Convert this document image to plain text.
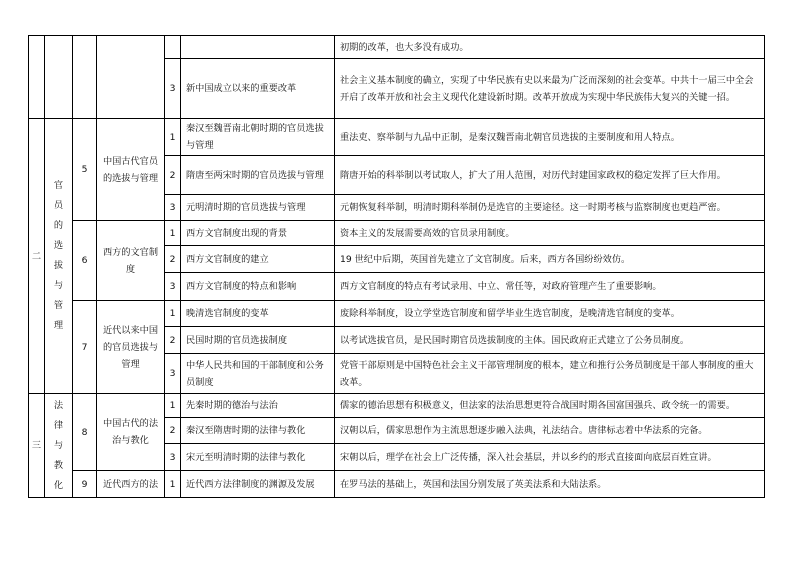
						初期的改革，也大多没有成功。
				3	新中国成立以来的重要改革	社会主义基本制度的确立，实现了中华民族有史以来最为广泛而深刻的社会变革。中共十一届三中全会开启了改革开放和社会主义现代化建设新时期。改革开放成为实现中华民族伟大复兴的关键一招。
二	官员的选拔与管理	5	中国古代官员的选拔与管理	1	秦汉至魏晋南北朝时期的官员选拔与管理	重法吏、察举制与九品中正制，是秦汉魏晋南北朝官员选拔的主要制度和用人特点。
				2	隋唐至两宋时期的官员选拔与管理	隋唐开始的科举制以考试取人，扩大了用人范围，对历代封建国家政权的稳定发挥了巨大作用。
				3	元明清时期的官员选拔与管理	元朝恢复科举制，明清时期科举制仍是选官的主要途径。这一时期考核与监察制度也更趋严密。
		6	西方的文官制度	1	西方文官制度出现的背景	资本主义的发展需要高效的官员录用制度。
				2	西方文官制度的建立	19 世纪中后期，英国首先建立了文官制度。后来，西方各国纷纷效仿。
				3	西方文官制度的特点和影响	西方文官制度的特点有考试录用、中立、常任等，对政府管理产生了重要影响。
		7	近代以来中国的官员选拔与管理	1	晚清选官制度的变革	废除科举制度，设立学堂选官制度和留学毕业生选官制度，是晚清选官制度的变革。
				2	民国时期的官员选拔制度	以考试选拔官员，是民国时期官员选拔制度的主体。国民政府正式建立了公务员制度。
				3	中华人民共和国的干部制度和公务员制度	党管干部原则是中国特色社会主义干部管理制度的根本，建立和推行公务员制度是干部人事制度的重大改革。
三	法律与教化	8	中国古代的法治与教化	1	先秦时期的德治与法治	儒家的德治思想有积极意义，但法家的法治思想更符合战国时期各国富国强兵、政令统一的需要。
				2	秦汉至隋唐时期的法律与教化	汉朝以后，儒家思想作为主流思想逐步融入法典，礼法结合。唐律标志着中华法系的完备。
				3	宋元至明清时期的法律与教化	宋朝以后，理学在社会上广泛传播，深入社会基层，并以乡约的形式直接面向底层百姓宣讲。
		9	近代西方的法	1	近代西方法律制度的渊源及发展	在罗马法的基础上，英国和法国分别发展了英美法系和大陆法系。
